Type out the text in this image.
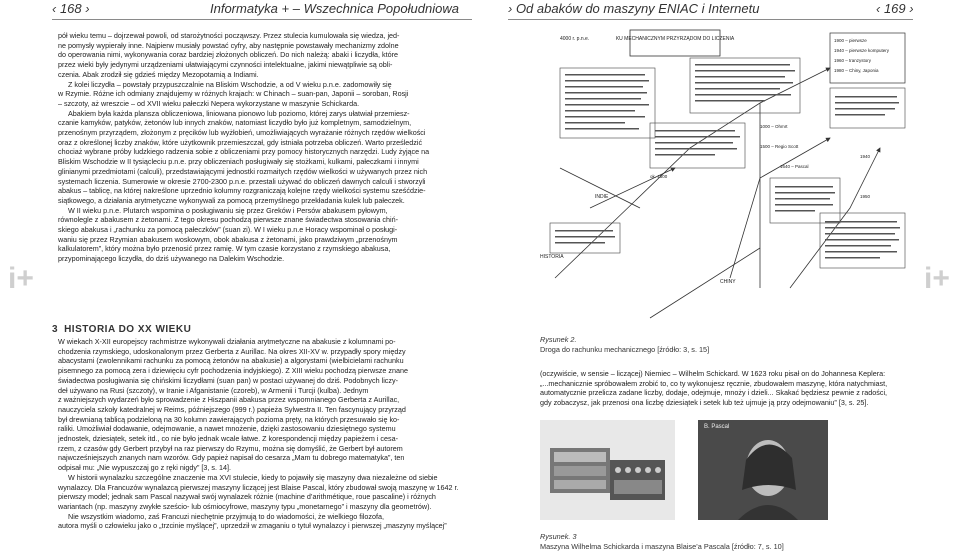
‹ 168 ›	Informatyka + – Wszechnica Popołudniowa	› Od abaków do maszyny ENIAC i Internetu	‹ 169 ›
i+	i+

pół wieku temu – dojrzewał powoli, od starożytności począwszy. Przez stulecia kumulowała się wiedza, jed-

ne pomysły wypierały inne. Najpierw musiały powstać cyfry, aby następnie powstawały mechanizmy zdolne

do operowania nimi, wykonywania coraz bardziej złożonych obliczeń. Do nich należą: abaki i liczydła, które

przez wieki były jedynymi urządzeniami ułatwiającymi czynności intelektualne, jakimi niewątpliwie są obli-

czenia. Abak zrodził się gdzieś między Mezopotamią a Indiami.

Z kolei liczydła – powstały przypuszczalnie na Bliskim Wschodzie, a od V wieku p.n.e. zadomowiły się

w Rzymie. Różne ich odmiany znajdujemy w różnych krajach: w Chinach – suan-pan, Japonii – soroban, Rosji

– szczoty, aż wreszcie – od XVII wieku pałeczki Nepera wykorzystane w maszynie Schickarda.

Abakiem była każda plansza obliczeniowa, liniowana pionowo lub poziomo, której zarys ułatwiał przemiesz-

czanie kamyków, patyków, żetonów lub innych znaków, natomiast liczydło było już kompletnym, samodzielnym,

przenośnym przyrządem, złożonym z pręcików lub wyżłobień, umożliwiających wyrażanie różnych rzędów wielkości

oraz z określonej liczby znaków, które użytkownik przemieszczał, gdy istniała potrzeba obliczeń. Warto prześledzić

chociaż wybrane próby ludzkiego radzenia sobie z obliczeniami przy pomocy historycznych narzędzi. Ludy żyjące na

Bliskim Wschodzie w II tysiącleciu p.n.e. przy obliczeniach posługiwały się stożkami, kulkami, pałeczkami i innymi

glinianymi przedmiotami (calculi), przedstawiającymi jednostki rozmaitych rzędów wielkości w używanych przez nich

systemach liczenia. Sumerowie w okresie 2700-2300 p.n.e. przestali używać do obliczeń dawnych calculi i stworzyli

abakus – tablicę, na której nakreślone uprzednio kolumny rozgraniczają kolejne rzędy wielkości systemu sześćdzie-

siątkowego, a działania arytmetyczne wykonywali za pomocą przemyślnego przekładania kulek lub pałeczek.

W II wieku p.n.e. Plutarch wspomina o posługiwaniu się przez Greków i Persów abakusem pyłowym,

równolegle z abakusem z żetonami. Z tego okresu pochodzą pierwsze znane świadectwa stosowania chiń-

skiego abakusa i „rachunku za pomocą pałeczków” (suan zi). W I wieku p.n.e Horacy wspominał o posługi-

waniu się przez Rzymian abakusem woskowym, obok abakusa z żetonami, jako prawdziwym „przenośnym

kalkulatorem”, który można było przenosić przez ramię. W tym czasie korzystano z rzymskiego abakusa,

przypominającego liczydła, do dziś używanego na Dalekim Wschodzie.

KU MECHANICZNYM PRZYRZĄDOM DO LICZENIA
4000 r. p.n.e.	1900 – pierwsze
1940 – pierwsze komputery
1960 – tranzystory
1980 – Chiny, Japonia
HISTORIA
INDIE
CHINY
1000 – Ohmrt
ok. 1500
1500 – Regio Scott
1640 – Pascal
1940
1950
3 HISTORIA DO XX WIEKU

W wiekach X-XII europejscy rachmistrze wykonywali działania arytmetyczne na abakusie z kolumnami po-

chodzenia rzymskiego, udoskonalonym przez Gerberta z Aurillac. Na okres XII-XV w. przypadły spory między

abacystami (zwolennikami rachunku za pomocą żetonów na abakusie) a algorystami (wielbicielami rachunku

pisemnego za pomocą zera i dziewięciu cyfr pochodzenia indyjskiego). Z XIII wieku pochodzą pierwsze znane

świadectwa posługiwania się chińskimi liczydłami (suan pan) w postaci używanej do dziś. Podobnych liczy-

deł używano na Rusi (szczoty), w Iranie i Afganistanie (czoreb), w Armenii i Turcji (kulba). Jednym

z ważniejszych wydarzeń było sprowadzenie z Hiszpanii abakusa przez wspomnianego Gerberta z Aurillac,

nauczyciela szkoły katedralnej w Reims, późniejszego (999 r.) papieża Sylwestra II. Ten fascynujący przyrząd

był drewnianą tablicą podzieloną na 30 kolumn zawierających pozioma pręty, na których przesuwało się ko-

raliki. Umożliwiał dodawanie, odejmowanie, a nawet mnożenie, dzięki zastosowaniu dziesiętnego systemu

jednostek, dziesiątek, setek itd., co nie było jednak wcale łatwe. Z korespondencji między papieżem i cesa-

rzem, z czasów gdy Gerbert przybył na raz pierwszy do Rzymu, można się domyślić, że Gerbert był autorem

najwcześniejszych znanych nam wzorów. Gdy papież napisał do cesarza „Mam tu dobrego matematyka”, ten

odpisał mu: „Nie wypuszczaj go z ręki nigdy” [3, s. 14].

W historii wynalazku szczególne znaczenie ma XVI stulecie, kiedy to pojawiły się maszyny dwa niezależne od siebie

wynalazcy. Dla Francuzów wynalazcą pierwszej maszyny liczącej jest Blaise Pascal, który zbudował swoją maszynę w 1642 r.

pierwszy model; jednak sam Pascal nazywał swój wynalazek różnie (machine d’arithmétique, roue pascaline) i różnych

wariantach (np. maszyny zwykłe sześcio- lub ośmiocyfrowe, maszyny typu „monetarnego” i maszyny dla geometrów).

Nie wszystkim wiadomo, zaś Francuzi niechętnie przyjmują to do wiadomości, że wielkiego filozofa,

autora myśli o człowieku jako o „trzcinie myślącej”, uprzedził w zmaganiu o tytuł wynalazcy i pierwszej „maszyny myślącej”

Rysunek 2.
Droga do rachunku mechanicznego [źródło: 3, s. 15]

(oczywiście, w sensie – liczącej) Niemiec – Wilhelm Schickard. W 1623 roku pisał on do Johannesa Keplera:

„...mechanicznie spróbowałem zrobić to, co ty wykonujesz ręcznie, zbudowałem maszynę, która natychmiast,

automatycznie przelicza zadane liczby, dodaje, odejmuje, mnoży i dzieli... Skakać będziesz pewnie z radości,

gdy zobaczysz, jak przenosi ona liczbę dziesiątek i setek lub też ujmuje ją przy odejmowaniu” [3, s. 25].

B. Pascal
Rysunek. 3
Maszyna Wilhelma Schickarda i maszyna Blaise’a Pascala [źródło: 7, s. 10]
